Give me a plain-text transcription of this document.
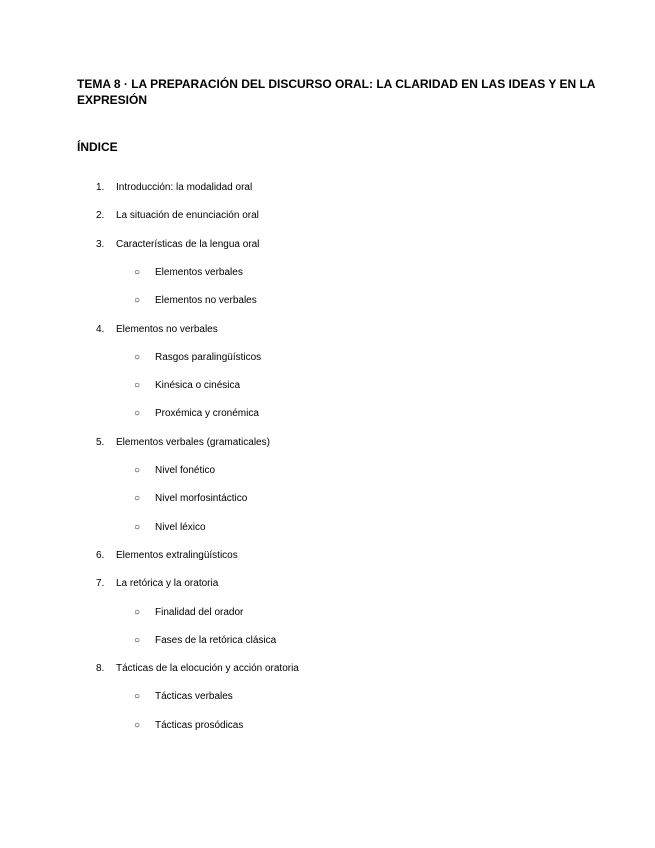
TEMA 8 · LA PREPARACIÓN DEL DISCURSO ORAL: LA CLARIDAD EN LAS IDEAS Y EN LA EXPRESIÓN
ÍNDICE
1. Introducción: la modalidad oral
2. La situación de enunciación oral
3. Características de la lengua oral
○ Elementos verbales
○ Elementos no verbales
4. Elementos no verbales
○ Rasgos paralingüísticos
○ Kinésica o cinésica
○ Proxémica y cronémica
5. Elementos verbales (gramaticales)
○ Nivel fonético
○ Nivel morfosintáctico
○ Nivel léxico
6. Elementos extralingüísticos
7. La retórica y la oratoria
○ Finalidad del orador
○ Fases de la retórica clásica
8. Tácticas de la elocución y acción oratoria
○ Tácticas verbales
○ Tácticas prosódicas
